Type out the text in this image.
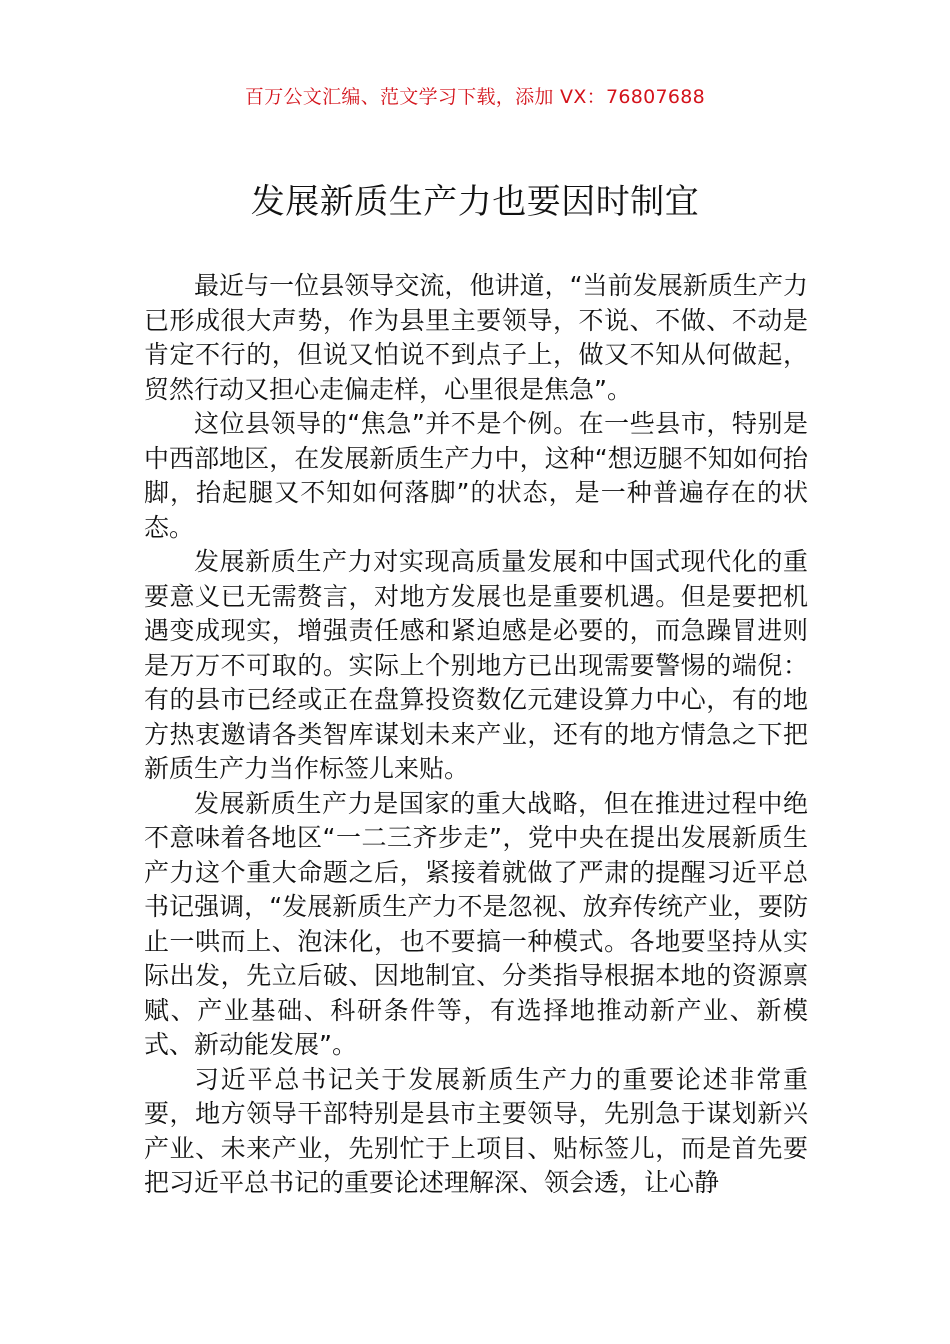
百万公文汇编、范文学习下载，添加 VX：76807688
发展新质生产力也要因时制宜

最近与一位县领导交流，他讲道，“当前发展新质生产力已形成很大声势，作为县里主要领导，不说、不做、不动是肯定不行的，但说又怕说不到点子上，做又不知从何做起，贸然行动又担心走偏走样，心里很是焦急”。

这位县领导的“焦急”并不是个例。在一些县市，特别是中西部地区，在发展新质生产力中，这种“想迈腿不知如何抬脚，抬起腿又不知如何落脚”的状态，是一种普遍存在的状态。

发展新质生产力对实现高质量发展和中国式现代化的重要意义已无需赘言，对地方发展也是重要机遇。但是要把机遇变成现实，增强责任感和紧迫感是必要的，而急躁冒进则是万万不可取的。实际上个别地方已出现需要警惕的端倪：有的县市已经或正在盘算投资数亿元建设算力中心，有的地方热衷邀请各类智库谋划未来产业，还有的地方情急之下把新质生产力当作标签儿来贴。

发展新质生产力是国家的重大战略，但在推进过程中绝不意味着各地区“一二三齐步走”，党中央在提出发展新质生产力这个重大命题之后，紧接着就做了严肃的提醒习近平总书记强调，“发展新质生产力不是忽视、放弃传统产业，要防止一哄而上、泡沫化，也不要搞一种模式。各地要坚持从实际出发，先立后破、因地制宜、分类指导根据本地的资源禀赋、产业基础、科研条件等，有选择地推动新产业、新模式、新动能发展”。

习近平总书记关于发展新质生产力的重要论述非常重要，地方领导干部特别是县市主要领导，先别急于谋划新兴产业、未来产业，先别忙于上项目、贴标签儿，而是首先要把习近平总书记的重要论述理解深、领会透，让心静
